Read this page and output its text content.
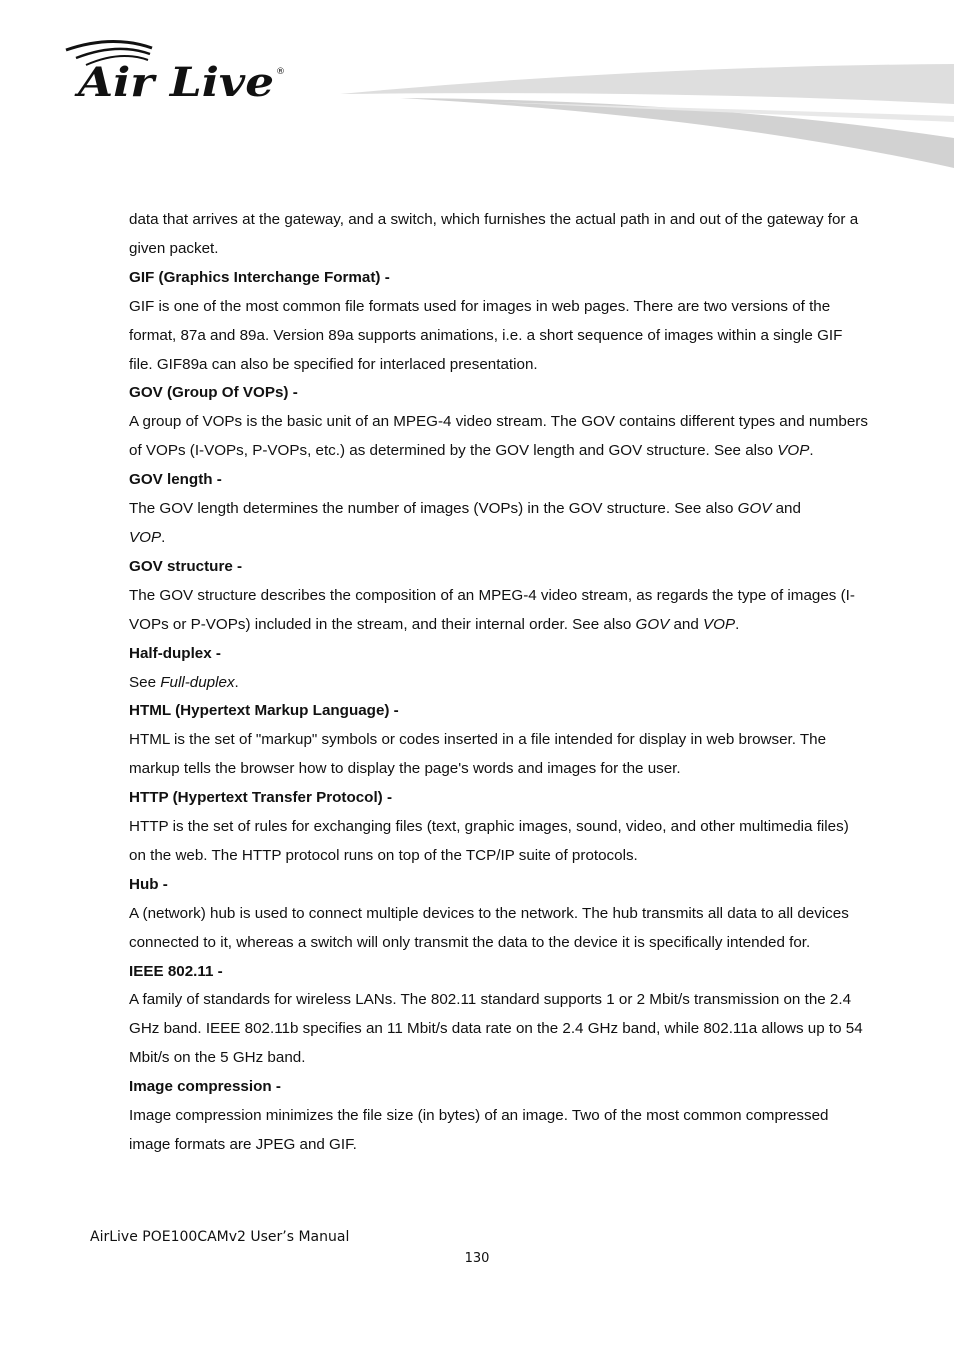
Air Live ®

data that arrives at the gateway, and a switch, which furnishes the actual path in and out of the gateway for a given packet.

GIF (Graphics Interchange Format) -

GIF is one of the most common file formats used for images in web pages. There are two versions of the format, 87a and 89a. Version 89a supports animations, i.e. a short sequence of images within a single GIF file. GIF89a can also be specified for interlaced presentation.

GOV (Group Of VOPs) -

A group of VOPs is the basic unit of an MPEG-4 video stream. The GOV contains different types and numbers of VOPs (I-VOPs, P-VOPs, etc.) as determined by the GOV length and GOV structure. See also VOP.

GOV length -

The GOV length determines the number of images (VOPs) in the GOV structure. See also GOV and
VOP.

GOV structure -

The GOV structure describes the composition of an MPEG-4 video stream, as regards the type of images (I-VOPs or P-VOPs) included in the stream, and their internal order. See also GOV and VOP.

Half-duplex -

See Full-duplex.

HTML (Hypertext Markup Language) -

HTML is the set of "markup" symbols or codes inserted in a file intended for display in web browser. The markup tells the browser how to display the page's words and images for the user.

HTTP (Hypertext Transfer Protocol) -

HTTP is the set of rules for exchanging files (text, graphic images, sound, video, and other multimedia files) on the web. The HTTP protocol runs on top of the TCP/IP suite of protocols.

Hub -

A (network) hub is used to connect multiple devices to the network. The hub transmits all data to all devices connected to it, whereas a switch will only transmit the data to the device it is specifically intended for.

IEEE 802.11 -

A family of standards for wireless LANs. The 802.11 standard supports 1 or 2 Mbit/s transmission on the 2.4 GHz band. IEEE 802.11b specifies an 11 Mbit/s data rate on the 2.4 GHz band, while 802.11a allows up to 54 Mbit/s on the 5 GHz band.

Image compression -

Image compression minimizes the file size (in bytes) of an image. Two of the most common compressed image formats are JPEG and GIF.

AirLive POE100CAMv2 User’s Manual
130
